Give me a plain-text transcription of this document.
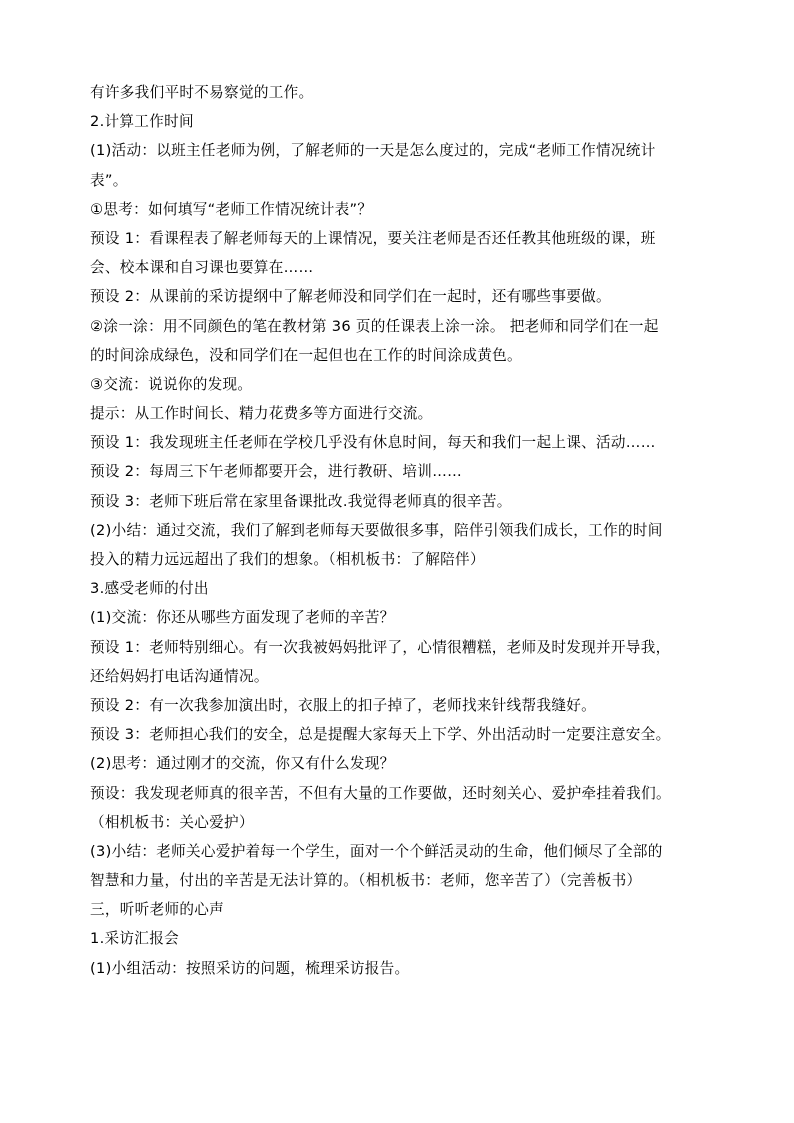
有许多我们平时不易察觉的工作。
2.计算工作时间
(1)活动：以班主任老师为例，了解老师的一天是怎么度过的，完成“老师工作情况统计
表”。
①思考：如何填写“老师工作情况统计表”？
预设 1：看课程表了解老师每天的上课情况，要关注老师是否还任教其他班级的课，班
会、校本课和自习课也要算在……
预设 2：从课前的采访提纲中了解老师没和同学们在一起时，还有哪些事要做。
②涂一涂：用不同颜色的笔在教材第 36 页的任课表上涂一涂。 把老师和同学们在一起
的时间涂成绿色，没和同学们在一起但也在工作的时间涂成黄色。
③交流：说说你的发现。
提示：从工作时间长、精力花费多等方面进行交流。
预设 1：我发现班主任老师在学校几乎没有休息时间，每天和我们一起上课、活动……
预设 2：每周三下午老师都要开会，进行教研、培训……
预设 3：老师下班后常在家里备课批改.我觉得老师真的很辛苦。
(2)小结：通过交流，我们了解到老师每天要做很多事，陪伴引领我们成长，工作的时间
投入的精力远远超出了我们的想象。（相机板书：了解陪伴）
3.感受老师的付出
(1)交流：你还从哪些方面发现了老师的辛苦？
预设 1：老师特别细心。有一次我被妈妈批评了，心情很糟糕，老师及时发现并开导我，
还给妈妈打电话沟通情况。
预设 2：有一次我参加演出时，衣服上的扣子掉了，老师找来针线帮我缝好。
预设 3：老师担心我们的安全，总是提醒大家每天上下学、外出活动时一定要注意安全。
(2)思考：通过刚才的交流，你又有什么发现？
预设：我发现老师真的很辛苦，不但有大量的工作要做，还时刻关心、爱护牵挂着我们。
（相机板书：关心爱护）
(3)小结：老师关心爱护着每一个学生，面对一个个鲜活灵动的生命，他们倾尽了全部的
智慧和力量，付出的辛苦是无法计算的。（相机板书：老师，您辛苦了）（完善板书）
三，听听老师的心声
1.采访汇报会
(1)小组活动：按照采访的问题，梳理采访报告。
